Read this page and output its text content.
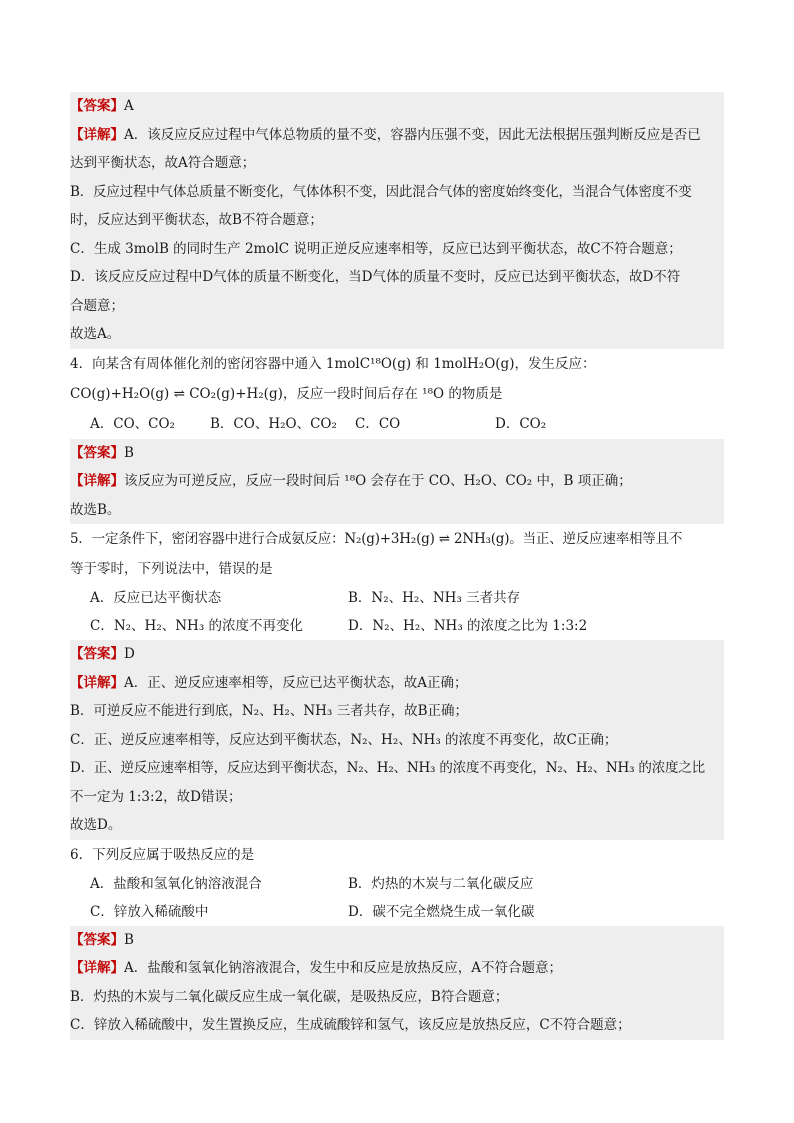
【答案】A
【详解】A．该反应反应过程中气体总物质的量不变，容器内压强不变，因此无法根据压强判断反应是否已
达到平衡状态，故A符合题意；
B．反应过程中气体总质量不断变化，气体体积不变，因此混合气体的密度始终变化，当混合气体密度不变
时，反应达到平衡状态，故B不符合题意；
C．生成 3molB 的同时生产 2molC 说明正逆反应速率相等，反应已达到平衡状态，故C不符合题意；
D．该反应反应过程中D气体的质量不断变化，当D气体的质量不变时，反应已达到平衡状态，故D不符
合题意；
故选A。
4．向某含有周体催化剂的密闭容器中通入 1molC¹⁸O(g) 和 1molH₂O(g)，发生反应：
CO(g)+H₂O(g) ⇌ CO₂(g)+H₂(g)，反应一段时间后存在 ¹⁸O 的物质是
A．CO、CO₂	B．CO、H₂O、CO₂	C．CO	D．CO₂
【答案】B
【详解】该反应为可逆反应，反应一段时间后 ¹⁸O 会存在于 CO、H₂O、CO₂ 中，B 项正确；
故选B。
5．一定条件下，密闭容器中进行合成氨反应：N₂(g)+3H₂(g) ⇌ 2NH₃(g)。当正、逆反应速率相等且不
等于零时，下列说法中，错误的是
A．反应已达平衡状态	B．N₂、H₂、NH₃ 三者共存
C．N₂、H₂、NH₃ 的浓度不再变化	D．N₂、H₂、NH₃ 的浓度之比为 1:3:2
【答案】D
【详解】A．正、逆反应速率相等，反应已达平衡状态，故A正确；
B．可逆反应不能进行到底，N₂、H₂、NH₃ 三者共存，故B正确；
C．正、逆反应速率相等，反应达到平衡状态，N₂、H₂、NH₃ 的浓度不再变化，故C正确；
D．正、逆反应速率相等，反应达到平衡状态，N₂、H₂、NH₃ 的浓度不再变化，N₂、H₂、NH₃ 的浓度之比
不一定为 1:3:2，故D错误；
故选D。
6．下列反应属于吸热反应的是
A．盐酸和氢氧化钠溶液混合	B．灼热的木炭与二氧化碳反应
C．锌放入稀硫酸中	D．碳不完全燃烧生成一氧化碳
【答案】B
【详解】A．盐酸和氢氧化钠溶液混合，发生中和反应是放热反应，A不符合题意；
B．灼热的木炭与二氧化碳反应生成一氧化碳，是吸热反应，B符合题意；
C．锌放入稀硫酸中，发生置换反应，生成硫酸锌和氢气，该反应是放热反应，C不符合题意；
